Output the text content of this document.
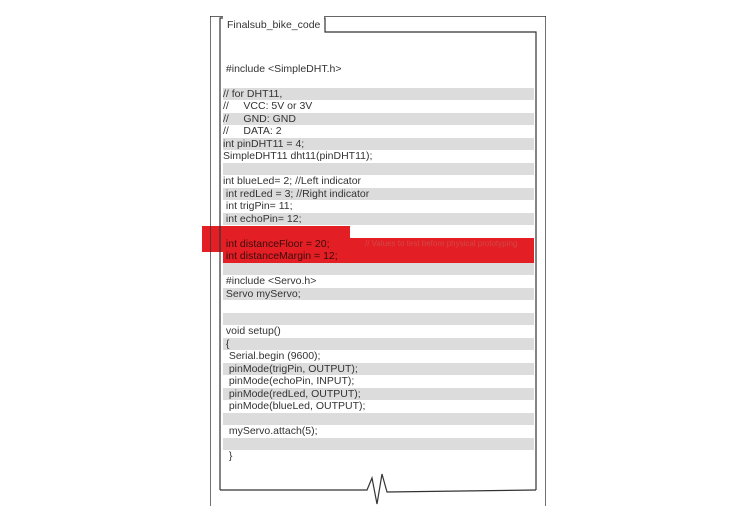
Finalsub_bike_code
#include <SimpleDHT.h>
// for DHT11,
//     VCC: 5V or 3V
//     GND: GND
//     DATA: 2
int pinDHT11 = 4;
SimpleDHT11 dht11(pinDHT11);
int blueLed= 2; //Left indicator
int redLed = 3; //Right indicator
int trigPin= 11;
int echoPin= 12;
int distanceFloor = 20;	// Values to test before physical prototyping
int distanceMargin = 12;
#include <Servo.h>
Servo myServo;
void setup()
{
Serial.begin (9600);
pinMode(trigPin, OUTPUT);
pinMode(echoPin, INPUT);
pinMode(redLed, OUTPUT);
pinMode(blueLed, OUTPUT);
myServo.attach(5);
}
